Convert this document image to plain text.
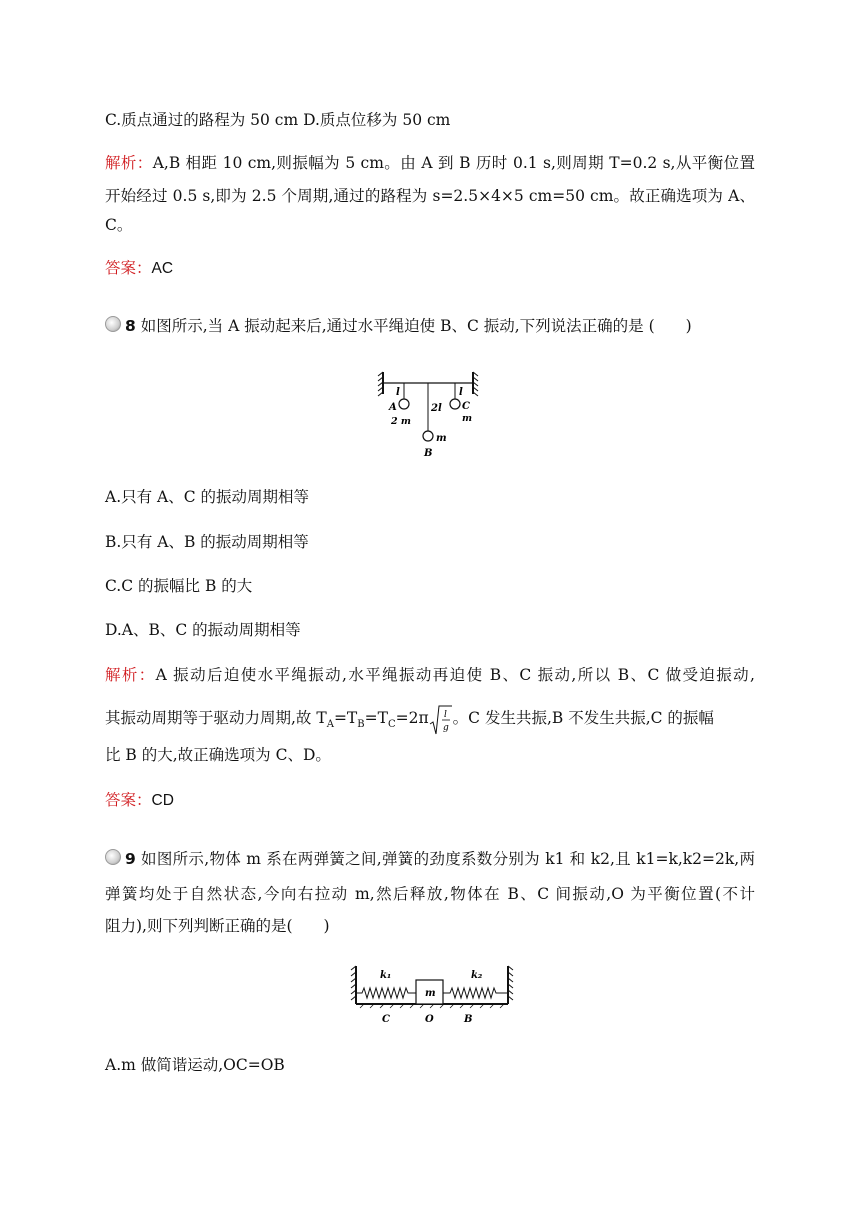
C.质点通过的路程为 50 cm D.质点位移为 50 cm
解析：A,B 相距 10 cm,则振幅为 5 cm。由 A 到 B 历时 0.1 s,则周期 T=0.2 s,从平衡位置
开始经过 0.5 s,即为 2.5 个周期,通过的路程为 s=2.5×4×5 cm=50 cm。故正确选项为 A、
C。
答案：AC
8 如图所示,当 A 振动起来后,通过水平绳迫使 B、C 振动,下列说法正确的是 (　　)
l
2l
l
A
2 m
m
B
C
m
A.只有 A、C 的振动周期相等
B.只有 A、B 的振动周期相等
C.C 的振幅比 B 的大
D.A、B、C 的振动周期相等
解析：A 振动后迫使水平绳振动,水平绳振动再迫使 B、C 振动,所以 B、C 做受迫振动,
其振动周期等于驱动力周期,故 $T_A=T_B=T_C=2\pi$ l
g
。C 发生共振,B 不发生共振,C 的振幅
比 B 的大,故正确选项为 C、D。
答案：CD
9 如图所示,物体 m 系在两弹簧之间,弹簧的劲度系数分别为 k1 和 k2,且 k1=k,k2=2k,两
弹簧均处于自然状态,今向右拉动 m,然后释放,物体在 B、C 间振动,O 为平衡位置(不计
阻力),则下列判断正确的是(　　)
k₁
m
k₂
C	O	B
A.m 做简谐运动,OC=OB
